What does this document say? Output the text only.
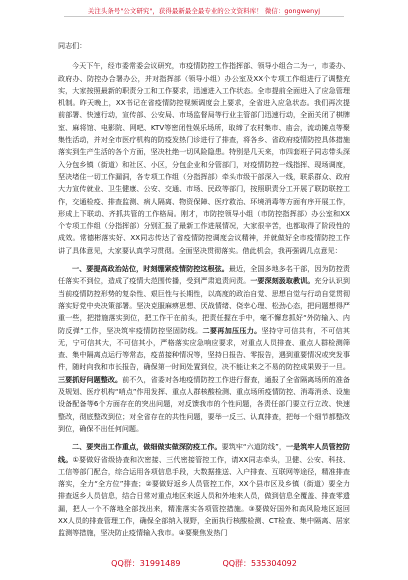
关注头条号"公文研究"，获得最新最全最专业的公文资料库！ 微信：gongwenyj
同志们：

今天下午，经市委常委会议研究，市疫情防控工作指挥部、领导小组合二为一，市委办、政府办、防控办合署办公，并对指挥部（领导小组）办公室及XX个专项工作组进行了调整充实，大家按照最新的职责分工和工作要求，迅速进入工作状态。全市提前全面进入了应急管理机制。昨天晚上，XX书记在省疫情防控视频调度会上要求，全省进入应急状态。我们再次提前部署、快速行动，宣传部、公安局、市场监督局等行业主管部门迅速行动，全面关闭了棋牌室、麻将馆、电影院、网吧、KTV等密闭性娱乐场所，取缔了农村集市、庙会，流动摊点等聚集性活动，并对全市医疗机构的防疫发热门诊进行了排查，将各乡、省政府疫情防控具体措施落实到生产生活的各个方面，坚决杜绝一切风险隐患。特别是几天来，市四套班子同志带头深入分包乡镇（街道）和社区、小区，分包企业和分管部门，对疫情防控一线指挥、现场调度，坚决堵住一切工作漏洞，各专项工作组（分指挥部）牵头市级干部深入一线，联系群众、政府大力宣传就业、卫生健康、公安、交通、市场、民政等部门，按照职责分工开展了联防联控工作，交通检疫、排查监测、病人隔离、物资保障、医疗救治、环境消毒等方面有序开展工作，形成上下联动、齐抓共管的工作格局。刚才，市防控领导小组（市防控指挥部）办公室和XX个专项工作组（分指挥部）分别汇报了最新工作进展情况，大家很辛苦，也都取得了阶段性的成效。常德彬落实好、XX同志传达了省疫情防控调度会议精神，并就做好全市疫情防控工作讲了具体意见，大家要认真学习贯彻。全面坚决贯彻落实。借此机会，我再强调几点意见：

一、要提高政治站位，时刻绷紧疫情防控这根弦。最近，全国多地多名干部，因为防控责任落实不到位，造成了疫情大范围传播，受到严肃追责问责。一要深刻汲取教训。充分认识到当前疫情防控形势的复杂性、艰巨性与长期性，以高度的政治自觉、思想自觉与行动自觉贯彻落实好党中央决策部署。坚决克服麻痹思想、厌战情绪、侥幸心理、松劲心态，把问题想得严重一些，把措施落实到位，把工作干在前头，把责任握在手中，毫不懈怠抓好“外防输入、内防反弹”工作，坚决筑牢疫情防控坚固防线。二要再加压压力。坚持守可信共有，不可信其无，宁可信其大，不可信其小，严格落实应急响应要求，对重点人员排查、重点人群检测筛查、集中隔离点运行等常态，疫苗接种情况等，坚持日报告、零报告，遇到重要情况或突发事件，随时向我和市长报告，确保第一时间处置到位，决不能让来之不易的防控成果毁于一旦。三要抓好问题整改。前不久，省委对各地疫情防控工作进行督查，通报了全省隔离场所的准备及规划、医疗机构“哨点”作用发挥、重点人群核酸检测、重点场所疫情防控、消毒消杀、设施设备配备等6个方面存在的突出问题，对反馈我市的个性问题，各责任部门要立行立改、快速整改，彻底整改到位；对全省存在的共性问题，要举一反三、认真排查，把每一个细节都整改到位，确保不出任何问题。

二、要突出工作重点，做细做实做深防疫工作。要筑牢“六道防线”，一是筑牢人员管控防线。①要做好省级协查和次密接、三代密接管控工作，请XX同志牵头，卫健、公安、科技、工信等部门配合，综合运用各项信息手段，大数据推送、入户排查、互联网等途径，精准排查落实，全力“全方位”排查；②要做好返乡人员管控工作，XX个县市区及乡镇（街道）要全力排查返乡人员信息，结合日常对重点地区来返人员和外地来人员，做到信息全覆盖、排查零遗漏，把人一个不落地全部找出来，精准落实各项管控措施。③要做好国外和高风险地区返回XX人员的排查管理工作，确保全部纳入视野，全面执行核酸检测、CT检查、集中隔离、居家监测等措施，坚决防止疫情输入我市。④要聚焦发热门

QQ群：31991489	QQ群：535304092
